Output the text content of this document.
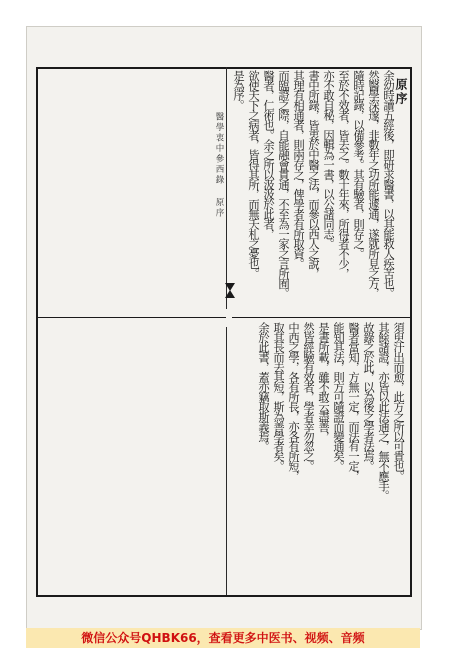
醫學衷中參西錄 原序
原序
余幼時讀五經後，即研求醫書，以其能救人疾苦也。
然醫學深邃，非數年之功所能遽通，遂就所見之方，
隨時記錄，以備參考。其有驗者，則存之。
至於不效者，皆去之。數十年來，所得者不少，
亦不敢自秘，因輯為一書，以公諸同志。
書中所錄，皆衷於中醫之法，而參以西人之說，
其理有相通者，則兩存之，俾學者有所取資。
而臨證之際，自能融會貫通，不至為一家之言所囿。
醫者，仁術也。余之所以汲汲於此者，
欲使天下之病者，皆得其所，而無夭札之憂也。
是為序。
須臾汗出而愈，此方之所以可貴也。
其餘諸證，亦皆以此法通之，無不應手。
故錄之於此，以為後之學者法焉。
醫者當知，方無一定，而法有一定，
能知其法，則方可隨證而變通矣。
是書所載，雖不敢云盡善，
然皆經驗有效者，學者幸勿忽之。
中西之學，各有所長，亦各有所短，
取其長而去其短，斯為善學者矣。
余於此書，蓋亦竊取斯義焉。
微信公众号QHBK66，查看更多中医书、视频、音频
